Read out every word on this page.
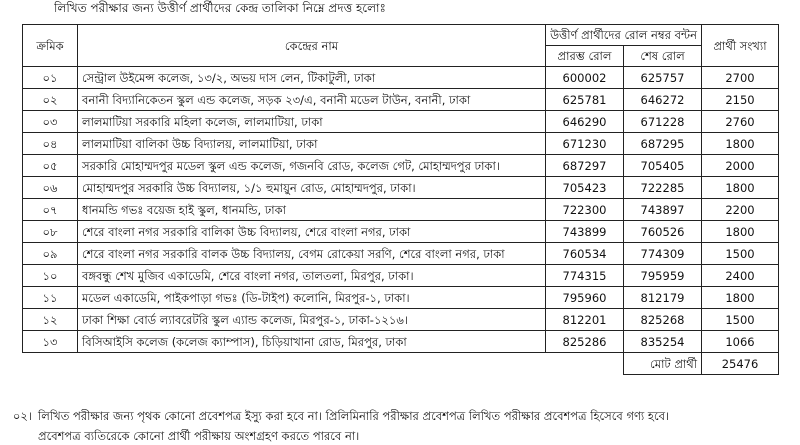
লিখিত পরীক্ষার জন্য উত্তীর্ণ প্রার্থীদের কেন্দ্র তালিকা নিম্নে প্রদত্ত হলোঃ
ক্রমিক	কেন্দ্রের নাম	উত্তীর্ণ প্রার্থীদের রোল নম্বর বন্টন		প্রার্থী সংখ্যা
		প্রারম্ভ রোল	শেষ রোল	
০১	সেন্ট্রাল উইমেন্স কলেজ, ১৩/২, অভয় দাস লেন, টিকাটুলী, ঢাকা	600002	625757	2700
০২	বনানী বিদ্যানিকেতন স্কুল এন্ড কলেজ, সড়ক ২৩/এ, বনানী মডেল টাউন, বনানী, ঢাকা	625781	646272	2150
০৩	লালমাটিয়া সরকারি মহিলা কলেজ, লালমাটিয়া, ঢাকা	646290	671228	2760
০৪	লালমাটিয়া বালিকা উচ্চ বিদ্যালয়, লালমাটিয়া, ঢাকা	671230	687295	1800
০৫	সরকারি মোহাম্মদপুর মডেল স্কুল এন্ড কলেজ, গজনবি রোড, কলেজ গেট, মোহাম্মদপুর ঢাকা।	687297	705405	2000
০৬	মোহাম্মদপুর সরকারি উচ্চ বিদ্যালয়, ১/১ হুমায়ুন রোড, মোহাম্মদপুর, ঢাকা।	705423	722285	1800
০৭	ধানমন্ডি গভঃ বয়েজ হাই স্কুল, ধানমন্ডি, ঢাকা	722300	743897	2200
০৮	শেরে বাংলা নগর সরকারি বালিকা উচ্চ বিদ্যালয়, শেরে বাংলা নগর, ঢাকা	743899	760526	1800
০৯	শেরে বাংলা নগর সরকারি বালক উচ্চ বিদ্যালয়, বেগম রোকেয়া সরণি, শেরে বাংলা নগর, ঢাকা	760534	774309	1500
১০	বঙ্গবন্ধু শেখ মুজিব একাডেমি, শেরে বাংলা নগর, তালতলা, মিরপুর, ঢাকা।	774315	795959	2400
১১	মডেল একাডেমি, পাইকপাড়া গভঃ (ডি-টাইপ) কলোনি, মিরপুর-১, ঢাকা।	795960	812179	1800
১২	ঢাকা শিক্ষা বোর্ড ল্যাবরেটরি স্কুল এ্যান্ড কলেজ, মিরপুর-১, ঢাকা-১২১৬।	812201	825268	1500
১৩	বিসিআইসি কলেজ (কলেজ ক্যাম্পাস), চিড়িয়াখানা রোড, মিরপুর, ঢাকা	825286	835254	1066
			মোট প্রার্থী	25476
০২। লিখিত পরীক্ষার জন্য পৃথক কোনো প্রবেশপত্র ইস্যু করা হবে না। প্রিলিমিনারি পরীক্ষার প্রবেশপত্র লিখিত পরীক্ষার প্রবেশপত্র হিসেবে গণ্য হবে।
প্রবেশপত্র ব্যতিরেকে কোনো প্রার্থী পরীক্ষায় অংশগ্রহণ করতে পারবে না।
